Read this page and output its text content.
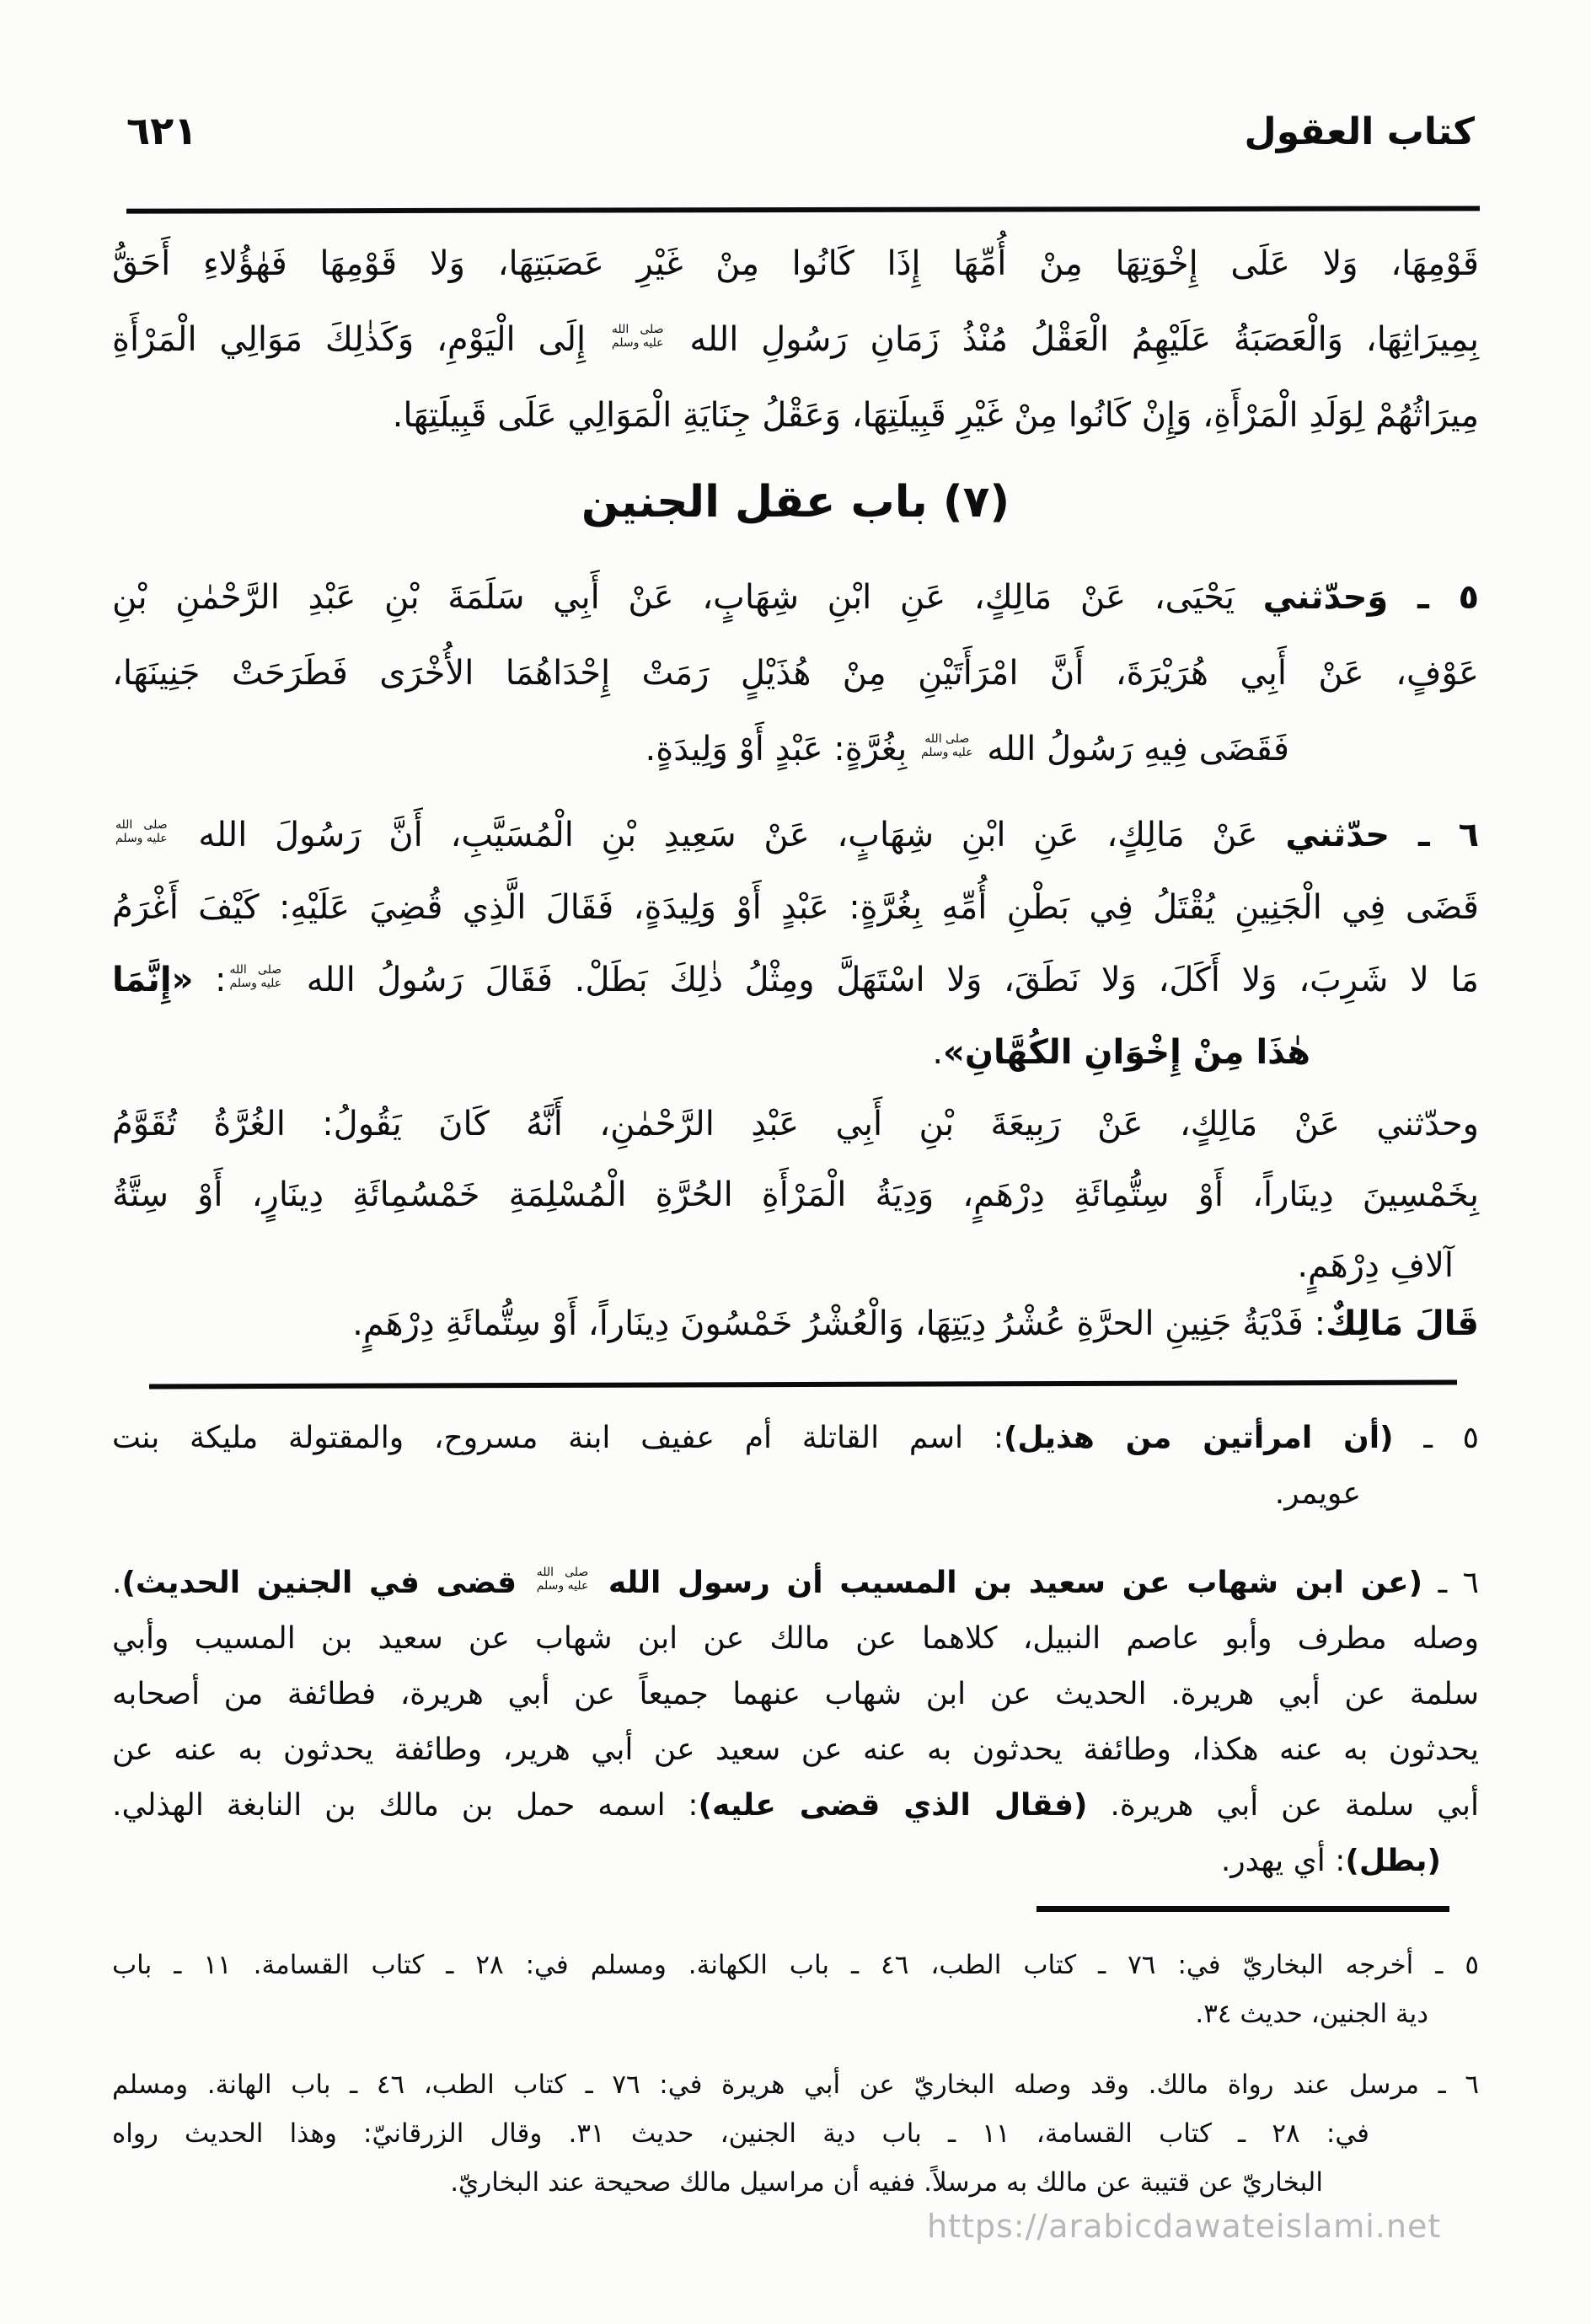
٦٢١	كتاب العقول
قَوْمِهَا، وَلا عَلَى إِخْوَتِهَا مِنْ أُمِّهَا إِذَا كَانُوا مِنْ غَيْرِ عَصَبَتِهَا، وَلا قَوْمِهَا فَهٰؤُلاءِ أَحَقُّ
بِمِيرَاثِهَا، وَالْعَصَبَةُ عَلَيْهِمُ الْعَقْلُ مُنْذُ زَمَانِ رَسُولِ الله
صلى الله
عليه وسلم
إِلَى الْيَوْمِ، وَكَذٰلِكَ مَوَالِي الْمَرْأَةِ
مِيرَاثُهُمْ لِوَلَدِ الْمَرْأَةِ، وَإِنْ كَانُوا مِنْ غَيْرِ قَبِيلَتِهَا، وَعَقْلُ جِنَايَةِ الْمَوَالِي عَلَى قَبِيلَتِهَا.
(٧) باب عقل الجنين
٥ ـ وَحدّثني يَحْيَى، عَنْ مَالِكٍ، عَنِ ابْنِ شِهَابٍ، عَنْ أَبِي سَلَمَةَ بْنِ عَبْدِ الرَّحْمٰنِ بْنِ
عَوْفٍ، عَنْ أَبِي هُرَيْرَةَ، أَنَّ امْرَأَتَيْنِ مِنْ هُذَيْلٍ رَمَتْ إِحْدَاهُمَا الأُخْرَى فَطَرَحَتْ جَنِينَهَا،
فَقَضَى فِيهِ رَسُولُ الله
صلى الله
عليه وسلم
بِغُرَّةٍ: عَبْدٍ أَوْ وَلِيدَةٍ.
٦ ـ حدّثني عَنْ مَالِكٍ، عَنِ ابْنِ شِهَابٍ، عَنْ سَعِيدِ بْنِ الْمُسَيَّبِ، أَنَّ رَسُولَ الله
صلى الله
عليه وسلم
قَضَى فِي الْجَنِينِ يُقْتَلُ فِي بَطْنِ أُمِّهِ بِغُرَّةٍ: عَبْدٍ أَوْ وَلِيدَةٍ، فَقَالَ الَّذِي قُضِيَ عَلَيْهِ: كَيْفَ أَغْرَمُ
مَا لا شَرِبَ، وَلا أَكَلَ، وَلا نَطَقَ، وَلا اسْتَهَلَّ ومِثْلُ ذٰلِكَ بَطَلْ. فَقَالَ رَسُولُ الله
صلى الله
عليه وسلم
: «إِنَّمَا
هٰذَا مِنْ إِخْوَانِ الكُهَّانِ».
وحدّثني عَنْ مَالِكٍ، عَنْ رَبِيعَةَ بْنِ أَبِي عَبْدِ الرَّحْمٰنِ، أَنَّهُ كَانَ يَقُولُ: الغُرَّةُ تُقَوَّمُ
بِخَمْسِينَ دِينَاراً، أَوْ سِتُّمِائَةِ دِرْهَمٍ، وَدِيَةُ الْمَرْأَةِ الحُرَّةِ الْمُسْلِمَةِ خَمْسُمِائَةِ دِينَارٍ، أَوْ سِتَّةُ
آلافِ دِرْهَمٍ.
قَالَ مَالِكٌ: فَدْيَةُ جَنِينِ الحرَّةِ عُشْرُ دِيَتِهَا، وَالْعُشْرُ خَمْسُونَ دِينَاراً، أَوْ سِتُّمائَةِ دِرْهَمٍ.
٥ ـ (أن امرأتين من هذيل): اسم القاتلة أم عفيف ابنة مسروح، والمقتولة مليكة بنت
عويمر.
٦ ـ (عن ابن شهاب عن سعيد بن المسيب أن رسول الله
صلى الله
عليه وسلم
قضى في الجنين الحديث).
وصله مطرف وأبو عاصم النبيل، كلاهما عن مالك عن ابن شهاب عن سعيد بن المسيب وأبي
سلمة عن أبي هريرة. الحديث عن ابن شهاب عنهما جميعاً عن أبي هريرة، فطائفة من أصحابه
يحدثون به عنه هكذا، وطائفة يحدثون به عنه عن سعيد عن أبي هرير، وطائفة يحدثون به عنه عن
أبي سلمة عن أبي هريرة. (فقال الذي قضى عليه): اسمه حمل بن مالك بن النابغة الهذلي.
(بطل): أي يهدر.
٥ ـ أخرجه البخاريّ في: ٧٦ ـ كتاب الطب، ٤٦ ـ باب الكهانة. ومسلم في: ٢٨ ـ كتاب القسامة. ١١ ـ باب
دية الجنين، حديث ٣٤.
٦ ـ مرسل عند رواة مالك. وقد وصله البخاريّ عن أبي هريرة في: ٧٦ ـ كتاب الطب، ٤٦ ـ باب الهانة. ومسلم
في: ٢٨ ـ كتاب القسامة، ١١ ـ باب دية الجنين، حديث ٣١. وقال الزرقانيّ: وهذا الحديث رواه
البخاريّ عن قتيبة عن مالك به مرسلاً. ففيه أن مراسيل مالك صحيحة عند البخاريّ.
https://arabicdawateislami.net
